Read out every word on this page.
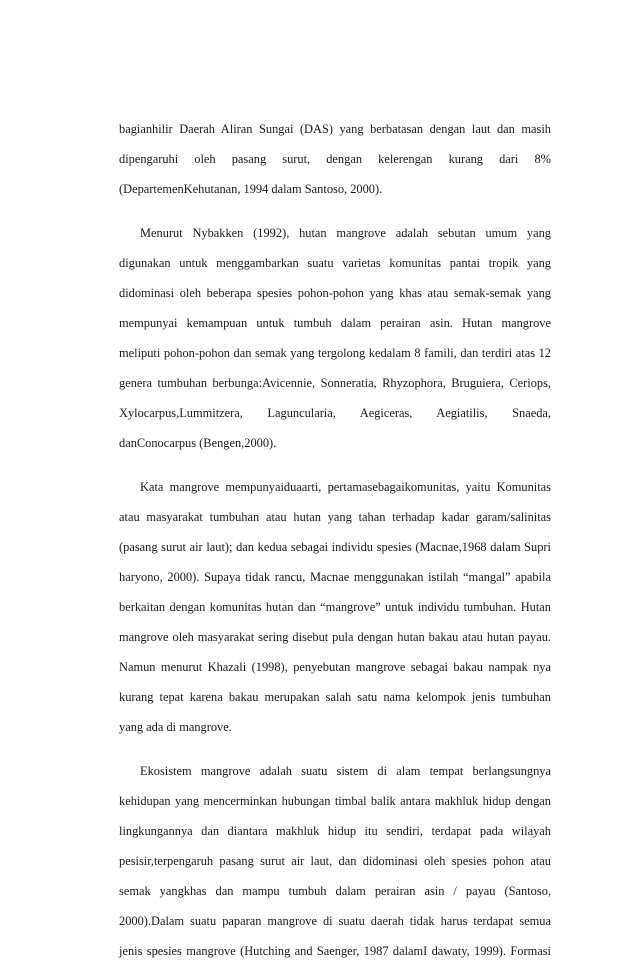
bagianhilir Daerah Aliran Sungai (DAS) yang berbatasan dengan laut dan masih
dipengaruhi oleh pasang surut, dengan kelerengan kurang dari 8%
(DepartemenKehutanan, 1994 dalam Santoso, 2000).
Menurut Nybakken (1992), hutan mangrove adalah sebutan umum yang
digunakan untuk menggambarkan suatu varietas komunitas pantai tropik yang
didominasi oleh beberapa spesies pohon-pohon yang khas atau semak-semak yang
mempunyai kemampuan untuk tumbuh dalam perairan asin. Hutan mangrove
meliputi pohon-pohon dan semak yang tergolong kedalam 8 famili, dan terdiri atas 12
genera tumbuhan berbunga:Avicennie, Sonneratia, Rhyzophora, Bruguiera, Ceriops,
Xylocarpus,Lummitzera, Laguncularia, Aegiceras, Aegiatilis, Snaeda,
danConocarpus (Bengen,2000).
Kata mangrove mempunyaiduaarti, pertamasebagaikomunitas, yaitu Komunitas
atau masyarakat tumbuhan atau hutan yang tahan terhadap kadar garam/salinitas
(pasang surut air laut); dan kedua sebagai individu spesies (Macnae,1968 dalam Supri
haryono, 2000). Supaya tidak rancu, Macnae menggunakan istilah “mangal” apabila
berkaitan dengan komunitas hutan dan “mangrove” untuk individu tumbuhan. Hutan
mangrove oleh masyarakat sering disebut pula dengan hutan bakau atau hutan payau.
Namun menurut Khazali (1998), penyebutan mangrove sebagai bakau nampak nya
kurang tepat karena bakau merupakan salah satu nama kelompok jenis tumbuhan
yang ada di mangrove.
Ekosistem mangrove adalah suatu sistem di alam tempat berlangsungnya
kehidupan yang mencerminkan hubungan timbal balik antara makhluk hidup dengan
lingkungannya dan diantara makhluk hidup itu sendiri, terdapat pada wilayah
pesisir,terpengaruh pasang surut air laut, dan didominasi oleh spesies pohon atau
semak yangkhas dan mampu tumbuh dalam perairan asin / payau (Santoso,
2000).Dalam suatu paparan mangrove di suatu daerah tidak harus terdapat semua
jenis spesies mangrove (Hutching and Saenger, 1987 dalamI dawaty, 1999). Formasi
